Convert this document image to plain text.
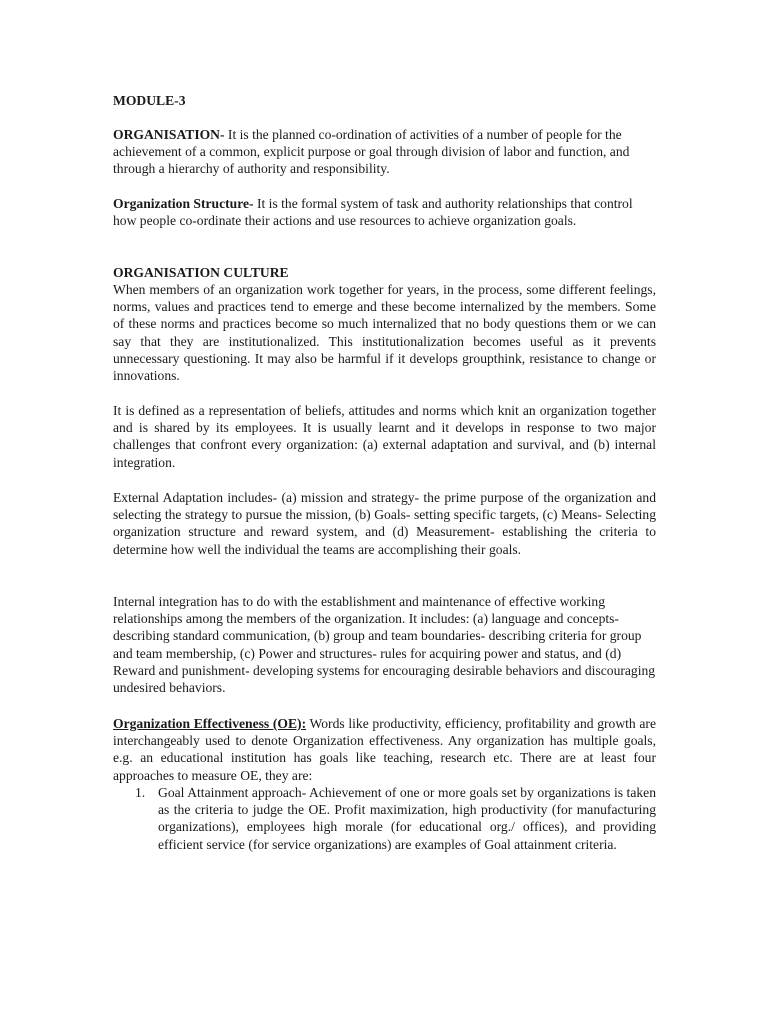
MODULE-3

ORGANISATION- It is the planned co-ordination of activities of a number of people for the achievement of a common, explicit purpose or goal through division of labor and function, and through a hierarchy of authority and responsibility.

Organization Structure- It is the formal system of task and authority relationships that control how people co-ordinate their actions and use resources to achieve organization goals.

ORGANISATION CULTURE

When members of an organization work together for years, in the process, some different feelings, norms, values and practices tend to emerge and these become internalized by the members. Some of these norms and practices become so much internalized that no body questions them or we can say that they are institutionalized. This institutionalization becomes useful as it prevents unnecessary questioning. It may also be harmful if it develops groupthink, resistance to change or innovations.

It is defined as a representation of beliefs, attitudes and norms which knit an organization together and is shared by its employees. It is usually learnt and it develops in response to two major challenges that confront every organization: (a) external adaptation and survival, and (b) internal integration.

External Adaptation includes- (a) mission and strategy- the prime purpose of the organization and selecting the strategy to pursue the mission, (b) Goals- setting specific targets, (c) Means- Selecting organization structure and reward system, and (d) Measurement- establishing the criteria to determine how well the individual the teams are accomplishing their goals.

Internal integration has to do with the establishment and maintenance of effective working relationships among the members of the organization. It includes: (a) language and concepts- describing standard communication, (b) group and team boundaries- describing criteria for group and team membership, (c) Power and structures- rules for acquiring power and status, and (d) Reward and punishment- developing systems for encouraging desirable behaviors and discouraging undesired behaviors.

Organization Effectiveness (OE): Words like productivity, efficiency, profitability and growth are interchangeably used to denote Organization effectiveness. Any organization has multiple goals, e.g. an educational institution has goals like teaching, research etc. There are at least four approaches to measure OE, they are:

1. Goal Attainment approach- Achievement of one or more goals set by organizations is taken as the criteria to judge the OE. Profit maximization, high productivity (for manufacturing organizations), employees high morale (for educational org./ offices), and providing efficient service (for service organizations) are examples of Goal attainment criteria.
